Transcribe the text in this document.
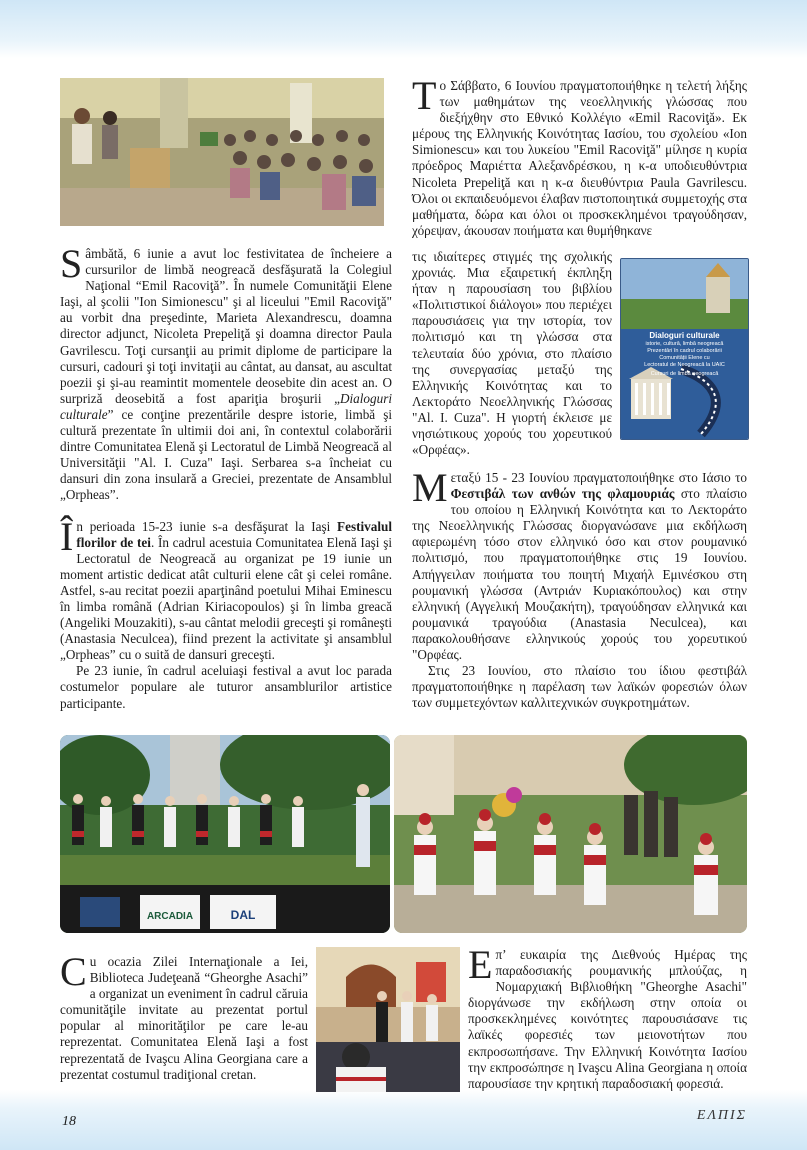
Sâmbătă, 6 iunie a avut loc festivitatea de încheiere a cursurilor de limbă neogreacă desfăşurată la Colegiul Naţional “Emil Racoviţă”. În numele Comunităţii Elene Iaşi, al şcolii "Ion Simionescu" şi al liceului "Emil Racoviţă" au vorbit dna preşedinte, Marieta Alexandrescu, doamna director adjunct, Nicoleta Prepeliţă şi doamna director Paula Gavrilescu. Toţi cursanţii au primit diplome de participare la cursuri, cadouri şi toţi invitaţii au cântat, au dansat, au ascultat poezii şi şi-au reamintit momentele deosebite din acest an. O surpriză deosebită a fost apariţia broşurii „Dialoguri culturale” ce conţine prezentările despre istorie, limbă şi cultură prezentate în ultimii doi ani, în contextul colaborării dintre Comunitatea Elenă şi Lectoratul de Limbă Neogreacă al Universităţii "Al. I. Cuza" Iaşi. Serbarea s-a încheiat cu dansuri din zona insulară a Greciei, prezentate de Ansamblul „Orpheas”.

În perioada 15-23 iunie s-a desfăşurat la Iaşi Festivalul florilor de tei. În cadrul acestuia Comunitatea Elenă Iaşi şi Lectoratul de Neogreacă au organizat pe 19 iunie un moment artistic dedicat atât culturii elene cât şi celei române. Astfel, s-au recitat poezii aparţinând poetului Mihai Eminescu în limba română (Adrian Kiriacopoulos) şi în limba greacă (Angeliki Mouzakiti), s-au cântat melodii greceşti şi româneşti (Anastasia Neculcea), fiind prezent la activitate şi ansamblul „Orpheas” cu o suită de dansuri greceşti.

Pe 23 iunie, în cadrul aceluiaşi festival a avut loc parada costumelor populare ale tuturor ansamblurilor artistice participante.

Το Σάββατο, 6 Ιουνίου πραγματοποιήθηκε η τελετή λήξης των μαθημάτων της νεοελληνικής γλώσσας που διεξήχθην στο Εθνικό Κολλέγιο «Emil Racoviţă». Εκ μέρους της Ελληνικής Κοινότητας Ιασίου, του σχολείου «Ion Simionescu» και του λυκείου "Emil Racoviţă" μίλησε η κυρία πρόεδρος Μαριέττα Αλεξανδρέσκου, η κ-α υποδιευθύντρια Nicoleta Prepeliţă και η κ-α διευθύντρια Paula Gavrilescu. Όλοι οι εκπαιδευόμενοι έλαβαν πιστοποιητικά συμμετοχής στα μαθήματα, δώρα και όλοι οι προσκεκλημένοι τραγούδησαν, χόρεψαν, άκουσαν ποιήματα και θυμήθηκανε

τις ιδιαίτερες στιγμές της σχολικής χρονιάς. Μια εξαιρετική έκπληξη ήταν η παρουσίαση του βιβλίου «Πολιτιστικοί διάλογοι» που περιέχει παρουσιάσεις για την ιστορία, τον πολιτισμό και τη γλώσσα στα τελευταία δύο χρόνια, στο πλαίσιο της συνεργασίας μεταξύ της Ελληνικής Κοινότητας και το Λεκτοράτο Νεοελληνικής Γλώσσας "Al. I. Cuza". Η γιορτή έκλεισε με νησιώτικους χορούς του χορευτικού «Ορφέας».

Dialoguri culturale
istorie, cultură, limbă neogreacă
Prezentări în cadrul colaborării
Comunității Elene cu
Lectoratul de Neogreacă la UAIC
Cursuri de limbă neogreacă

Μεταξύ 15 - 23 Ιουνίου πραγματοποιήθηκε στο Ιάσιο το Φεστιβάλ των ανθών της φλαμουριάς στο πλαίσιο του οποίου η Ελληνική Κοινότητα και το Λεκτοράτο της Νεοελληνικής Γλώσσας διοργανώσανε μια εκδήλωση αφιερωμένη τόσο στον ελληνικό όσο και στον ρουμανικό πολιτισμό, που πραγματοποιήθηκε στις 19 Ιουνίου. Απήγγειλαν ποιήματα του ποιητή Μιχαήλ Εμινέσκου στη ρουμανική γλώσσα (Αντριάν Κυριακόπουλος) και στην ελληνική (Αγγελική Μουζακήτη), τραγούδησαν ελληνικά και ρουμανικά τραγούδια (Anastasia Neculcea), και παρακολουθήσανε ελληνικούς χορούς του χορευτικού "Ορφέας.

Στις 23 Ιουνίου, στο πλαίσιο του ίδιου φεστιβάλ πραγματοποιήθηκε η παρέλαση των λαϊκών φορεσιών όλων των συμμετεχόντων καλλιτεχνικών συγκροτημάτων.

ARCADIA	DAL

Cu ocazia Zilei Internaţionale a Iei, Biblioteca Judeţeană “Gheorghe Asachi” a organizat un eveniment în cadrul căruia comunităţile invitate au prezentat portul popular al minorităţilor pe care le-au reprezentat. Comunitatea Elenă Iaşi a fost reprezentată de Ivaşcu Alina Georgiana care a prezentat costumul tradiţional cretan.

Επ’ ευκαιρία της Διεθνούς Ημέρας της παραδοσιακής ρουμανικής μπλούζας, η Νομαρχιακή Βιβλιοθήκη "Gheorghe Asachi" διοργάνωσε την εκδήλωση στην οποία οι προσκεκλημένες κοινότητες παρουσιάσανε τις λαϊκές φορεσιές των μειονοτήτων που εκπροσωπήσανε. Την Ελληνική Κοινότητα Ιασίου την εκπροσώπησε η Ivaşcu Alina Georgiana η οποία παρουσίασε την κρητική παραδοσιακή φορεσιά.

18	ΕΛΠΙΣ
